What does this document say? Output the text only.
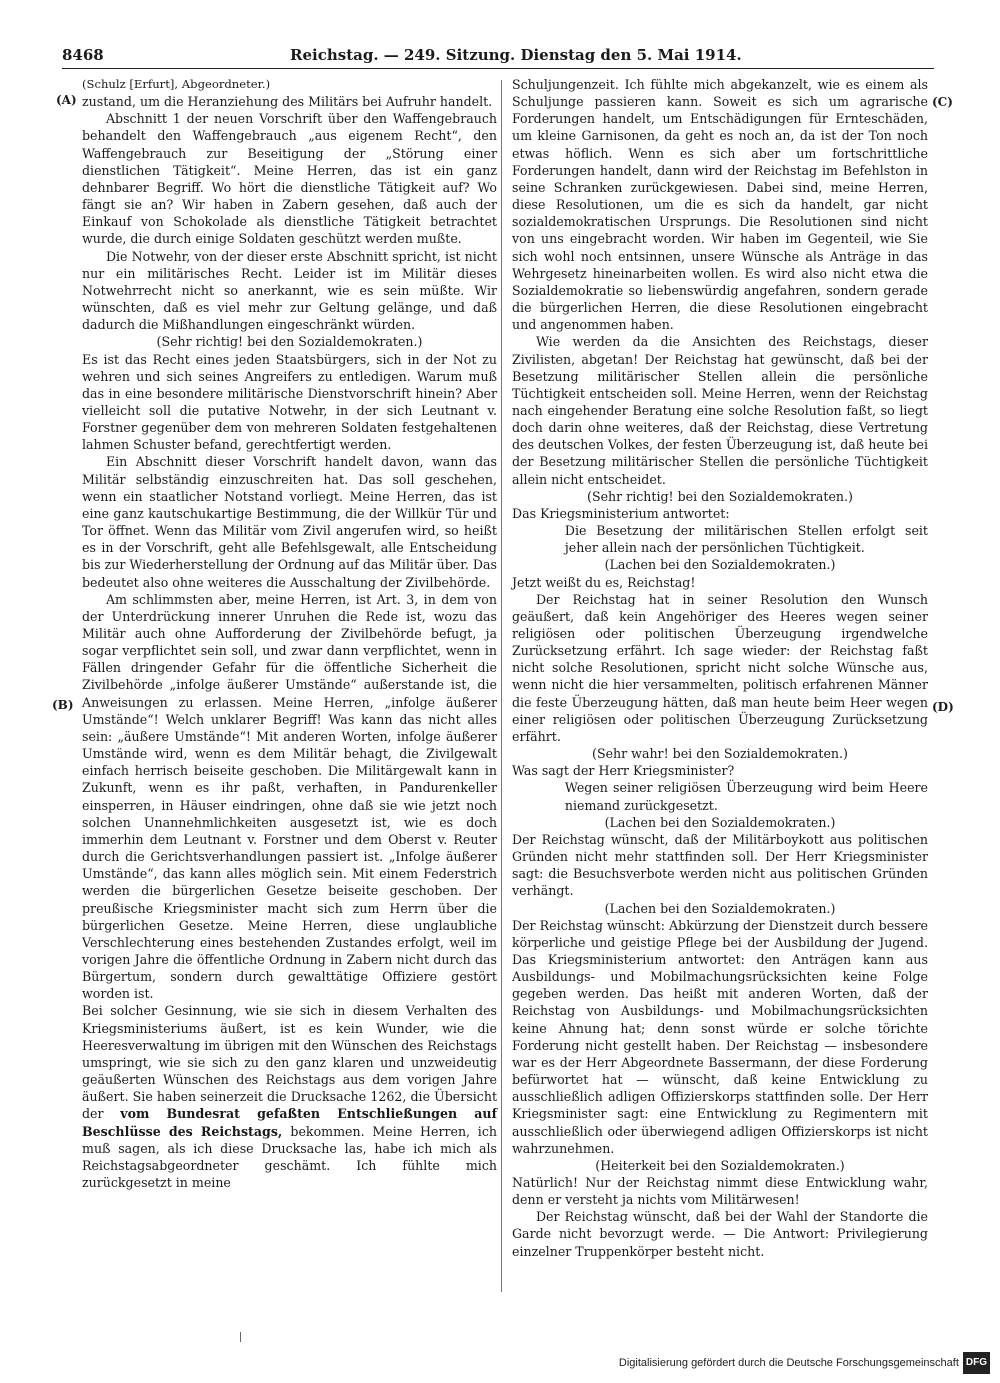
8468	Reichstag. — 249. Sitzung. Dienstag den 5. Mai 1914.
(A)
(B)
(C)
(D)

(Schulz [Erfurt], Abgeordneter.)

zustand, um die Heranziehung des Militärs bei Aufruhr handelt.

Abschnitt 1 der neuen Vorschrift über den Waffengebrauch behandelt den Waffengebrauch „aus eigenem Recht“, den Waffengebrauch zur Beseitigung der „Störung einer dienstlichen Tätigkeit“. Meine Herren, das ist ein ganz dehnbarer Begriff. Wo hört die dienstliche Tätigkeit auf? Wo fängt sie an? Wir haben in Zabern gesehen, daß auch der Einkauf von Schokolade als dienstliche Tätigkeit betrachtet wurde, die durch einige Soldaten geschützt werden mußte.

Die Notwehr, von der dieser erste Abschnitt spricht, ist nicht nur ein militärisches Recht. Leider ist im Militär dieses Notwehrrecht nicht so anerkannt, wie es sein müßte. Wir wünschten, daß es viel mehr zur Geltung gelänge, und daß dadurch die Mißhandlungen eingeschränkt würden.

(Sehr richtig! bei den Sozialdemokraten.)

Es ist das Recht eines jeden Staatsbürgers, sich in der Not zu wehren und sich seines Angreifers zu entledigen. Warum muß das in eine besondere militärische Dienstvorschrift hinein? Aber vielleicht soll die putative Notwehr, in der sich Leutnant v. Forstner gegenüber dem von mehreren Soldaten festgehaltenen lahmen Schuster befand, gerechtfertigt werden.

Ein Abschnitt dieser Vorschrift handelt davon, wann das Militär selbständig einzuschreiten hat. Das soll geschehen, wenn ein staatlicher Notstand vorliegt. Meine Herren, das ist eine ganz kautschukartige Bestimmung, die der Willkür Tür und Tor öffnet. Wenn das Militär vom Zivil angerufen wird, so heißt es in der Vorschrift, geht alle Befehlsgewalt, alle Entscheidung bis zur Wiederherstellung der Ordnung auf das Militär über. Das bedeutet also ohne weiteres die Ausschaltung der Zivilbehörde.

Am schlimmsten aber, meine Herren, ist Art. 3, in dem von der Unterdrückung innerer Unruhen die Rede ist, wozu das Militär auch ohne Aufforderung der Zivilbehörde befugt, ja sogar verpflichtet sein soll, und zwar dann verpflichtet, wenn in Fällen dringender Gefahr für die öffentliche Sicherheit die Zivilbehörde „infolge äußerer Umstände“ außerstande ist, die Anweisungen zu erlassen. Meine Herren, „infolge äußerer Umstände“! Welch unklarer Begriff! Was kann das nicht alles sein: „äußere Umstände“! Mit anderen Worten, infolge äußerer Umstände wird, wenn es dem Militär behagt, die Zivilgewalt einfach herrisch beiseite geschoben. Die Militärgewalt kann in Zukunft, wenn es ihr paßt, verhaften, in Pandurenkeller einsperren, in Häuser eindringen, ohne daß sie wie jetzt noch solchen Unannehmlichkeiten ausgesetzt ist, wie es doch immerhin dem Leutnant v. Forstner und dem Oberst v. Reuter durch die Gerichtsverhandlungen passiert ist. „Infolge äußerer Umstände“, das kann alles möglich sein. Mit einem Federstrich werden die bürgerlichen Gesetze beiseite geschoben. Der preußische Kriegsminister macht sich zum Herrn über die bürgerlichen Gesetze. Meine Herren, diese unglaubliche Verschlechterung eines bestehenden Zustandes erfolgt, weil im vorigen Jahre die öffentliche Ordnung in Zabern nicht durch das Bürgertum, sondern durch gewalttätige Offiziere gestört worden ist.

Bei solcher Gesinnung, wie sie sich in diesem Verhalten des Kriegsministeriums äußert, ist es kein Wunder, wie die Heeresverwaltung im übrigen mit den Wünschen des Reichstags umspringt, wie sie sich zu den ganz klaren und unzweideutig geäußerten Wünschen des Reichstags aus dem vorigen Jahre äußert. Sie haben seinerzeit die Drucksache 1262, die Übersicht der

vom Bundesrat gefaßten Entschließungen auf Beschlüsse des Reichstags,

bekommen. Meine Herren, ich muß sagen, als ich diese Drucksache las, habe ich mich als Reichstagsabgeordneter geschämt. Ich fühlte mich zurückgesetzt in meine

Schuljungenzeit. Ich fühlte mich abgekanzelt, wie es einem als Schuljunge passieren kann. Soweit es sich um agrarische Forderungen handelt, um Entschädigungen für Ernteschäden, um kleine Garnisonen, da geht es noch an, da ist der Ton noch etwas höflich. Wenn es sich aber um fortschrittliche Forderungen handelt, dann wird der Reichstag im Befehlston in seine Schranken zurückgewiesen. Dabei sind, meine Herren, diese Resolutionen, um die es sich da handelt, gar nicht sozialdemokratischen Ursprungs. Die Resolutionen sind nicht von uns eingebracht worden. Wir haben im Gegenteil, wie Sie sich wohl noch entsinnen, unsere Wünsche als Anträge in das Wehrgesetz hineinarbeiten wollen. Es wird also nicht etwa die Sozialdemokratie so liebenswürdig angefahren, sondern gerade die bürgerlichen Herren, die diese Resolutionen eingebracht und angenommen haben.

Wie werden da die Ansichten des Reichstags, dieser Zivilisten, abgetan! Der Reichstag hat gewünscht, daß bei der Besetzung militärischer Stellen allein die persönliche Tüchtigkeit entscheiden soll. Meine Herren, wenn der Reichstag nach eingehender Beratung eine solche Resolution faßt, so liegt doch darin ohne weiteres, daß der Reichstag, diese Vertretung des deutschen Volkes, der festen Überzeugung ist, daß heute bei der Besetzung militärischer Stellen die persönliche Tüchtigkeit allein nicht entscheidet.

(Sehr richtig! bei den Sozialdemokraten.)

Das Kriegsministerium antwortet:

Die Besetzung der militärischen Stellen erfolgt seit jeher allein nach der persönlichen Tüchtigkeit.

(Lachen bei den Sozialdemokraten.)

Jetzt weißt du es, Reichstag!

Der Reichstag hat in seiner Resolution den Wunsch geäußert, daß kein Angehöriger des Heeres wegen seiner religiösen oder politischen Überzeugung irgendwelche Zurücksetzung erfährt. Ich sage wieder: der Reichstag faßt nicht solche Resolutionen, spricht nicht solche Wünsche aus, wenn nicht die hier versammelten, politisch erfahrenen Männer die feste Überzeugung hätten, daß man heute beim Heer wegen einer religiösen oder politischen Überzeugung Zurücksetzung erfährt.

(Sehr wahr! bei den Sozialdemokraten.)

Was sagt der Herr Kriegsminister?

Wegen seiner religiösen Überzeugung wird beim Heere niemand zurückgesetzt.

(Lachen bei den Sozialdemokraten.)

Der Reichstag wünscht, daß der Militärboykott aus politischen Gründen nicht mehr stattfinden soll. Der Herr Kriegsminister sagt: die Besuchsverbote werden nicht aus politischen Gründen verhängt.

(Lachen bei den Sozialdemokraten.)

Der Reichstag wünscht: Abkürzung der Dienstzeit durch bessere körperliche und geistige Pflege bei der Ausbildung der Jugend. Das Kriegsministerium antwortet: den Anträgen kann aus Ausbildungs- und Mobilmachungsrücksichten keine Folge gegeben werden. Das heißt mit anderen Worten, daß der Reichstag von Ausbildungs- und Mobilmachungsrücksichten keine Ahnung hat; denn sonst würde er solche törichte Forderung nicht gestellt haben. Der Reichstag — insbesondere war es der Herr Abgeordnete Bassermann, der diese Forderung befürwortet hat — wünscht, daß keine Entwicklung zu ausschließlich adligen Offizierskorps stattfinden solle. Der Herr Kriegsminister sagt: eine Entwicklung zu Regimentern mit ausschließlich oder überwiegend adligen Offizierskorps ist nicht wahrzunehmen.

(Heiterkeit bei den Sozialdemokraten.)

Natürlich! Nur der Reichstag nimmt diese Entwicklung wahr, denn er versteht ja nichts vom Militärwesen!

Der Reichstag wünscht, daß bei der Wahl der Standorte die Garde nicht bevorzugt werde. — Die Antwort: Privilegierung einzelner Truppenkörper besteht nicht.

Digitalisierung gefördert durch die Deutsche Forschungsgemeinschaft DFG
